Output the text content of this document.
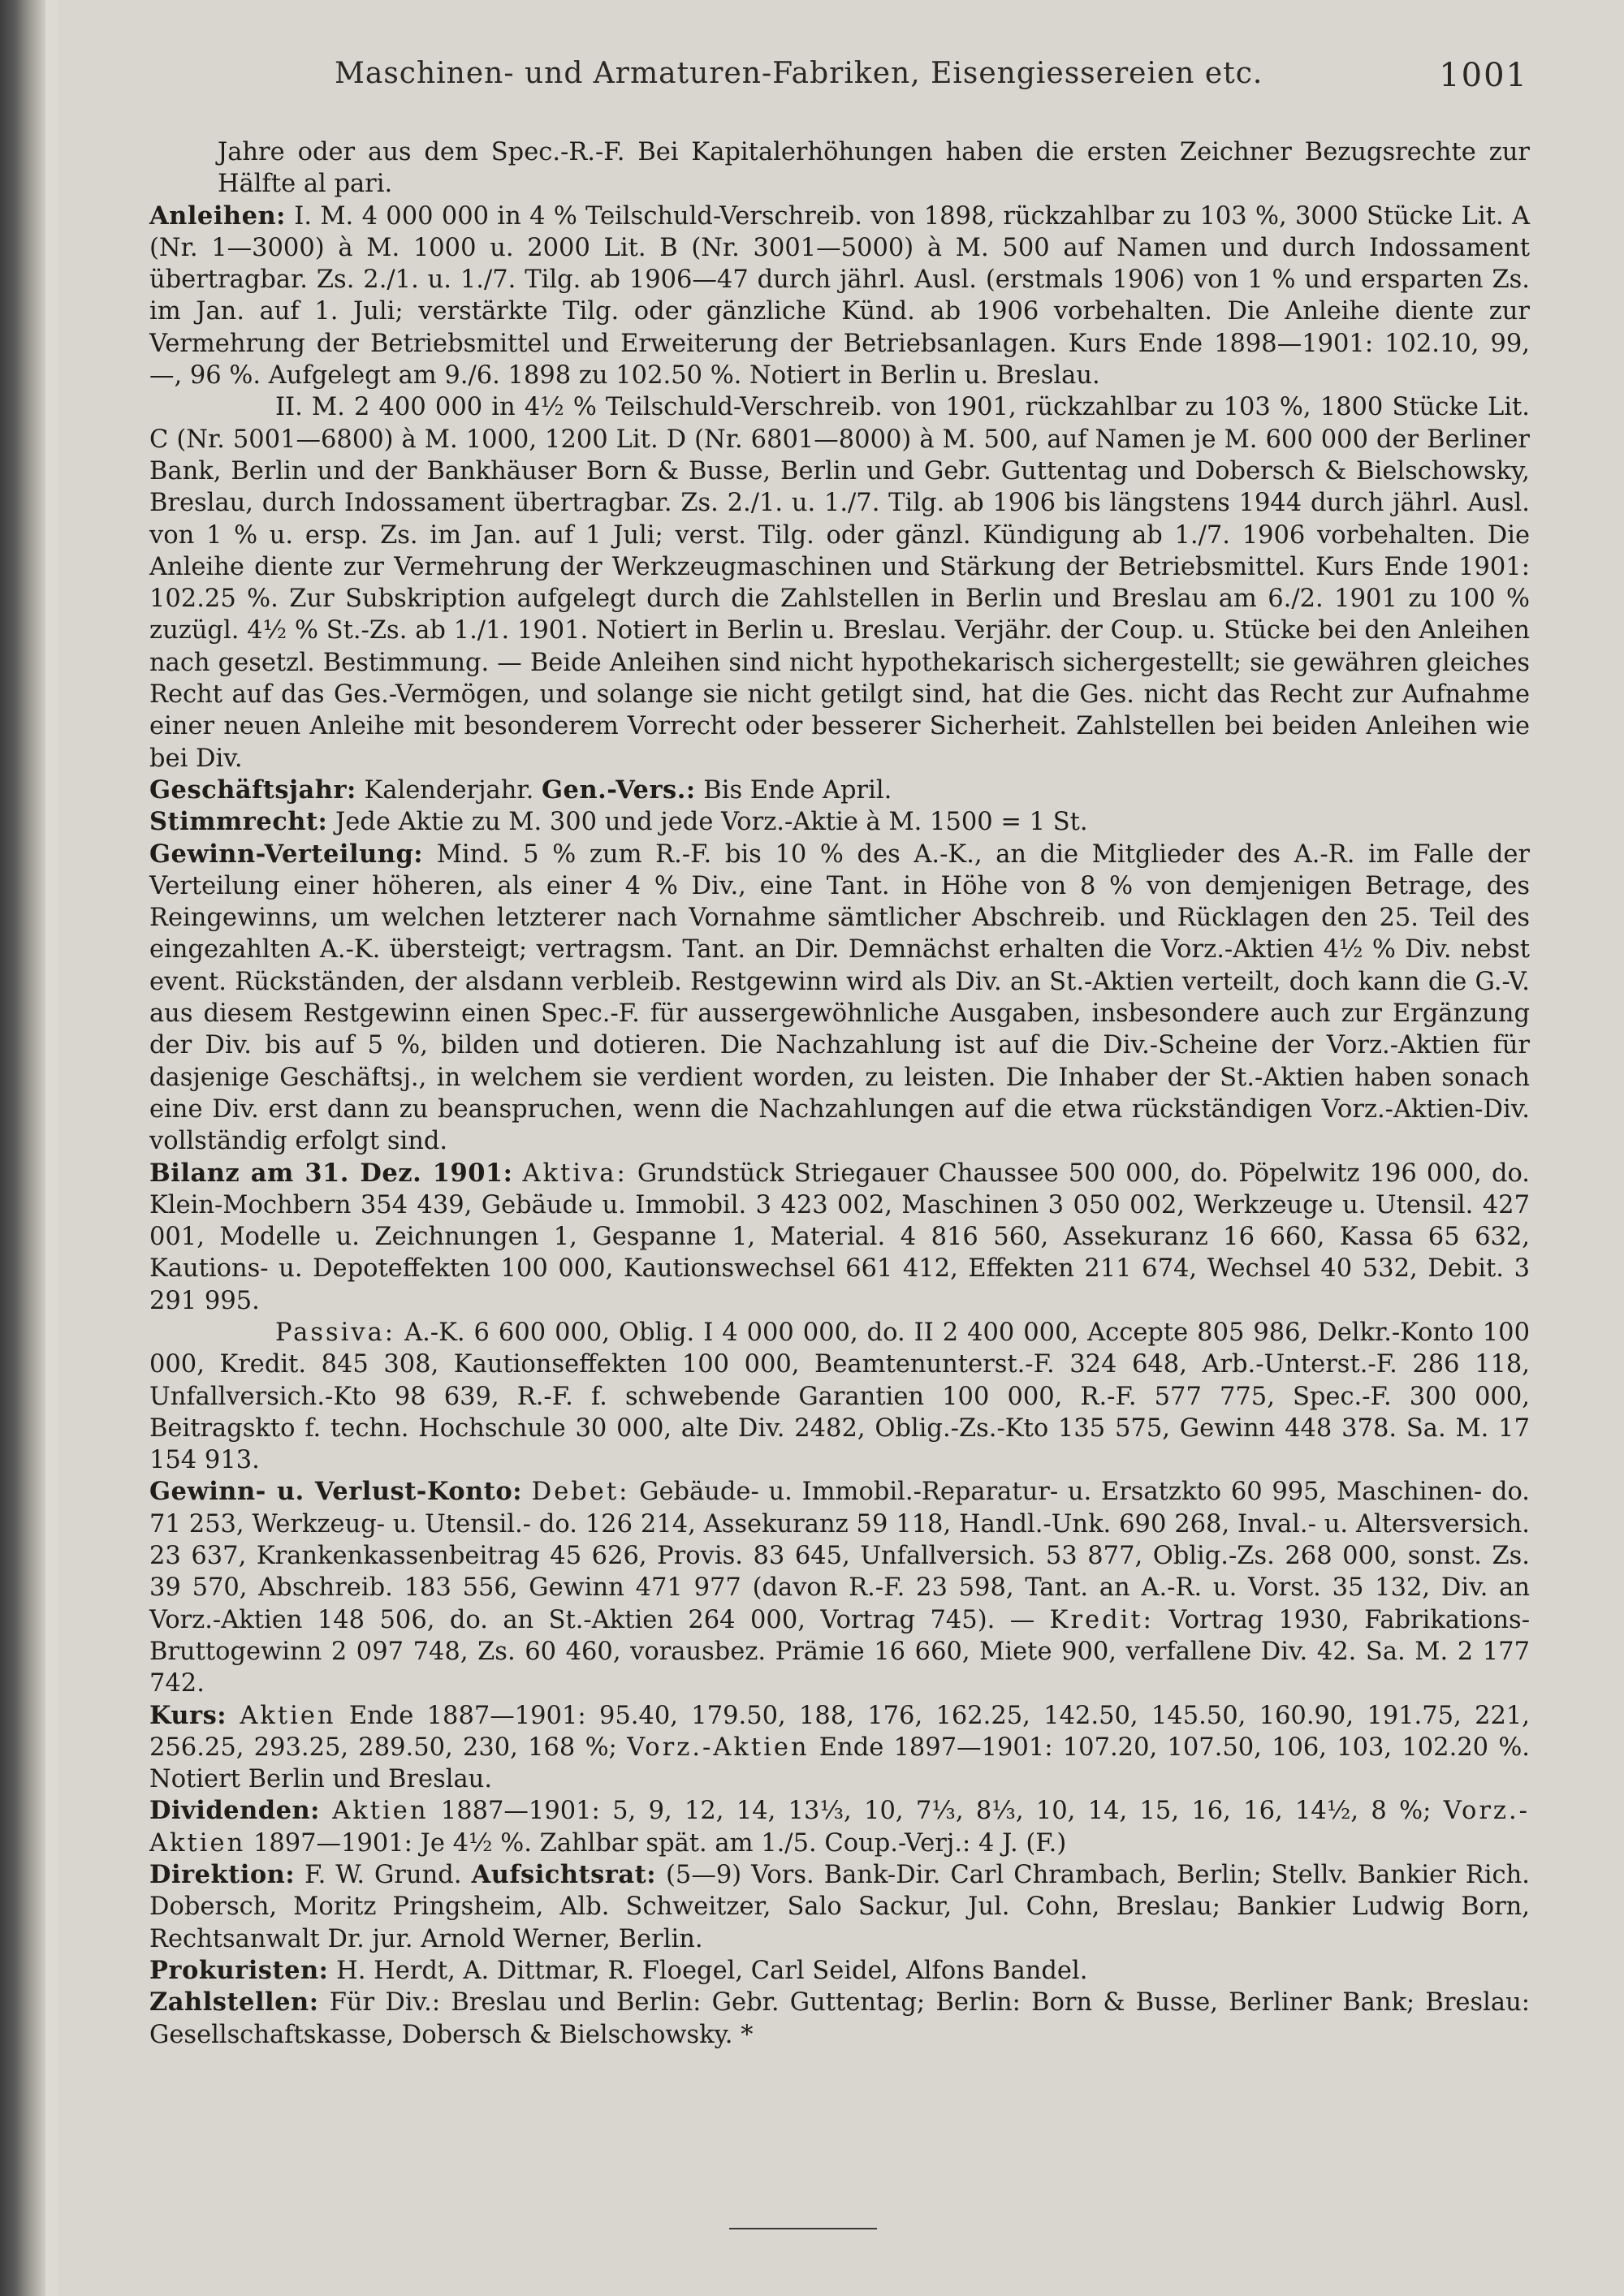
Maschinen- und Armaturen-Fabriken, Eisengiessereien etc.	1001

Jahre oder aus dem Spec.-R.-F. Bei Kapitalerhöhungen haben die ersten Zeichner Bezugsrechte zur Hälfte al pari.

Anleihen: I. M. 4 000 000 in 4 % Teilschuld-Verschreib. von 1898, rückzahlbar zu 103 %, 3000 Stücke Lit. A (Nr. 1—3000) à M. 1000 u. 2000 Lit. B (Nr. 3001—5000) à M. 500 auf Namen und durch Indossament übertragbar. Zs. 2./1. u. 1./7. Tilg. ab 1906—47 durch jährl. Ausl. (erstmals 1906) von 1 % und ersparten Zs. im Jan. auf 1. Juli; verstärkte Tilg. oder gänzliche Künd. ab 1906 vorbehalten. Die Anleihe diente zur Vermehrung der Betriebsmittel und Erweiterung der Betriebsanlagen. Kurs Ende 1898—1901: 102.10, 99, —, 96 %. Aufgelegt am 9./6. 1898 zu 102.50 %. Notiert in Berlin u. Breslau.

II. M. 2 400 000 in 4½ % Teilschuld-Verschreib. von 1901, rückzahlbar zu 103 %, 1800 Stücke Lit. C (Nr. 5001—6800) à M. 1000, 1200 Lit. D (Nr. 6801—8000) à M. 500, auf Namen je M. 600 000 der Berliner Bank, Berlin und der Bankhäuser Born & Busse, Berlin und Gebr. Guttentag und Dobersch & Bielschowsky, Breslau, durch Indossament übertragbar. Zs. 2./1. u. 1./7. Tilg. ab 1906 bis längstens 1944 durch jährl. Ausl. von 1 % u. ersp. Zs. im Jan. auf 1 Juli; verst. Tilg. oder gänzl. Kündigung ab 1./7. 1906 vorbehalten. Die Anleihe diente zur Vermehrung der Werkzeugmaschinen und Stärkung der Betriebsmittel. Kurs Ende 1901: 102.25 %. Zur Subskription aufgelegt durch die Zahlstellen in Berlin und Breslau am 6./2. 1901 zu 100 % zuzügl. 4½ % St.-Zs. ab 1./1. 1901. Notiert in Berlin u. Breslau. Verjähr. der Coup. u. Stücke bei den Anleihen nach gesetzl. Bestimmung. — Beide Anleihen sind nicht hypothekarisch sichergestellt; sie gewähren gleiches Recht auf das Ges.-Vermögen, und solange sie nicht getilgt sind, hat die Ges. nicht das Recht zur Aufnahme einer neuen Anleihe mit besonderem Vorrecht oder besserer Sicherheit. Zahlstellen bei beiden Anleihen wie bei Div.

Geschäftsjahr: Kalenderjahr. Gen.-Vers.: Bis Ende April.

Stimmrecht: Jede Aktie zu M. 300 und jede Vorz.-Aktie à M. 1500 = 1 St.

Gewinn-Verteilung: Mind. 5 % zum R.-F. bis 10 % des A.-K., an die Mitglieder des A.-R. im Falle der Verteilung einer höheren, als einer 4 % Div., eine Tant. in Höhe von 8 % von demjenigen Betrage, des Reingewinns, um welchen letzterer nach Vornahme sämtlicher Abschreib. und Rücklagen den 25. Teil des eingezahlten A.-K. übersteigt; vertragsm. Tant. an Dir. Demnächst erhalten die Vorz.-Aktien 4½ % Div. nebst event. Rückständen, der alsdann verbleib. Restgewinn wird als Div. an St.-Aktien verteilt, doch kann die G.-V. aus diesem Restgewinn einen Spec.-F. für aussergewöhnliche Ausgaben, insbesondere auch zur Ergänzung der Div. bis auf 5 %, bilden und dotieren. Die Nachzahlung ist auf die Div.-Scheine der Vorz.-Aktien für dasjenige Geschäftsj., in welchem sie verdient worden, zu leisten. Die Inhaber der St.-Aktien haben sonach eine Div. erst dann zu beanspruchen, wenn die Nachzahlungen auf die etwa rückständigen Vorz.-Aktien-Div. vollständig erfolgt sind.

Bilanz am 31. Dez. 1901: Aktiva: Grundstück Striegauer Chaussee 500 000, do. Pöpelwitz 196 000, do. Klein-Mochbern 354 439, Gebäude u. Immobil. 3 423 002, Maschinen 3 050 002, Werkzeuge u. Utensil. 427 001, Modelle u. Zeichnungen 1, Gespanne 1, Material. 4 816 560, Assekuranz 16 660, Kassa 65 632, Kautions- u. Depoteffekten 100 000, Kautionswechsel 661 412, Effekten 211 674, Wechsel 40 532, Debit. 3 291 995.

Passiva: A.-K. 6 600 000, Oblig. I 4 000 000, do. II 2 400 000, Accepte 805 986, Delkr.-Konto 100 000, Kredit. 845 308, Kautionseffekten 100 000, Beamtenunterst.-F. 324 648, Arb.-Unterst.-F. 286 118, Unfallversich.-Kto 98 639, R.-F. f. schwebende Garantien 100 000, R.-F. 577 775, Spec.-F. 300 000, Beitragskto f. techn. Hochschule 30 000, alte Div. 2482, Oblig.-Zs.-Kto 135 575, Gewinn 448 378. Sa. M. 17 154 913.

Gewinn- u. Verlust-Konto: Debet: Gebäude- u. Immobil.-Reparatur- u. Ersatzkto 60 995, Maschinen- do. 71 253, Werkzeug- u. Utensil.- do. 126 214, Assekuranz 59 118, Handl.-Unk. 690 268, Inval.- u. Altersversich. 23 637, Krankenkassenbeitrag 45 626, Provis. 83 645, Unfallversich. 53 877, Oblig.-Zs. 268 000, sonst. Zs. 39 570, Abschreib. 183 556, Gewinn 471 977 (davon R.-F. 23 598, Tant. an A.-R. u. Vorst. 35 132, Div. an Vorz.-Aktien 148 506, do. an St.-Aktien 264 000, Vortrag 745). — Kredit: Vortrag 1930, Fabrikations-Bruttogewinn 2 097 748, Zs. 60 460, vorausbez. Prämie 16 660, Miete 900, verfallene Div. 42. Sa. M. 2 177 742.

Kurs: Aktien Ende 1887—1901: 95.40, 179.50, 188, 176, 162.25, 142.50, 145.50, 160.90, 191.75, 221, 256.25, 293.25, 289.50, 230, 168 %; Vorz.-Aktien Ende 1897—1901: 107.20, 107.50, 106, 103, 102.20 %. Notiert Berlin und Breslau.

Dividenden: Aktien 1887—1901: 5, 9, 12, 14, 13⅓, 10, 7⅓, 8⅓, 10, 14, 15, 16, 16, 14½, 8 %; Vorz.-Aktien 1897—1901: Je 4½ %. Zahlbar spät. am 1./5. Coup.-Verj.: 4 J. (F.)

Direktion: F. W. Grund. Aufsichtsrat: (5—9) Vors. Bank-Dir. Carl Chrambach, Berlin; Stellv. Bankier Rich. Dobersch, Moritz Pringsheim, Alb. Schweitzer, Salo Sackur, Jul. Cohn, Breslau; Bankier Ludwig Born, Rechtsanwalt Dr. jur. Arnold Werner, Berlin.

Prokuristen: H. Herdt, A. Dittmar, R. Floegel, Carl Seidel, Alfons Bandel.

Zahlstellen: Für Div.: Breslau und Berlin: Gebr. Guttentag; Berlin: Born & Busse, Berliner Bank; Breslau: Gesellschaftskasse, Dobersch & Bielschowsky. *
